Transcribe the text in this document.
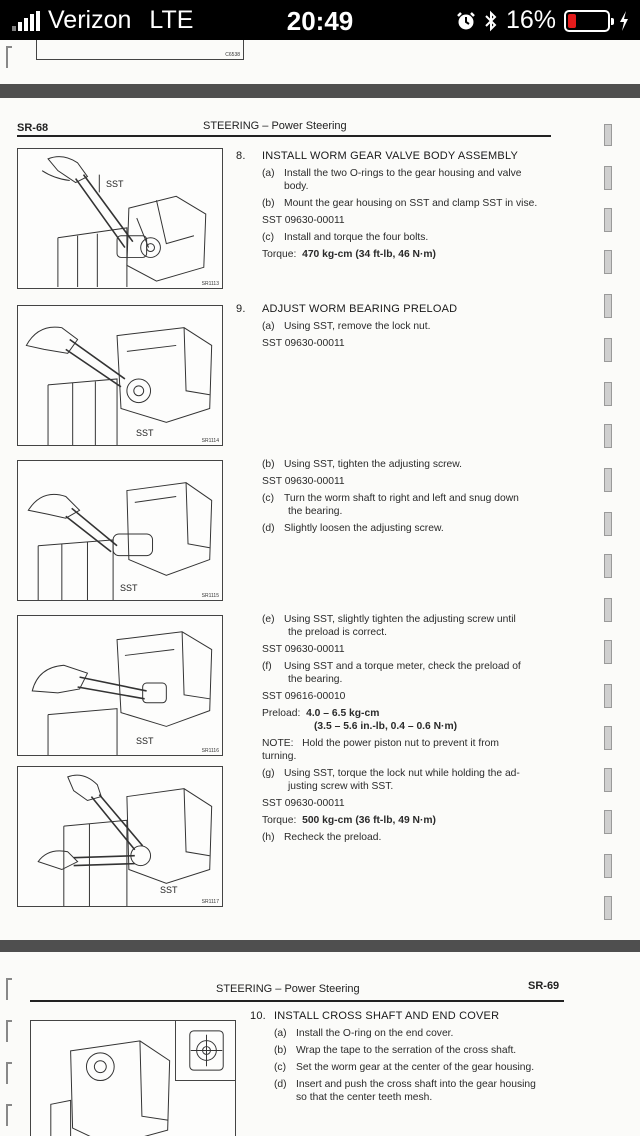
Verizon LTE	20:49	16%
C6538
SR-68	STEERING – Power Steering
SST
SR1113
SST
SR1114
SST
SR1115
SST
SR1116
SST
SR1117
8. INSTALL WORM GEAR VALVE BODY ASSEMBLY
(a) Install the two O-rings to the gear housing and valve
body.
(b) Mount the gear housing on SST and clamp SST in vise.
SST 09630-00011
(c) Install and torque the four bolts.
Torque: 470 kg-cm (34 ft-lb, 46 N·m)
9. ADJUST WORM BEARING PRELOAD
(a) Using SST, remove the lock nut.
SST 09630-00011
(b) Using SST, tighten the adjusting screw.
SST 09630-00011
(c) Turn the worm shaft to right and left and snug down
the bearing.
(d) Slightly loosen the adjusting screw.
(e) Using SST, slightly tighten the adjusting screw until
the preload is correct.
SST 09630-00011
(f)	Using SST and a torque meter, check the preload of
the bearing.
SST 09616-00010
Preload: 4.0 – 6.5 kg-cm
(3.5 – 5.6 in.-lb, 0.4 – 0.6 N·m)
NOTE: Hold the power piston nut to prevent it from
turning.
(g) Using SST, torque the lock nut while holding the ad-
justing screw with SST.
SST 09630-00011
Torque: 500 kg-cm (36 ft-lb, 49 N·m)
(h) Recheck the preload.
STEERING – Power Steering	SR-69
10. INSTALL CROSS SHAFT AND END COVER
(a) Install the O-ring on the end cover.
(b) Wrap the tape to the serration of the cross shaft.
(c) Set the worm gear at the center of the gear housing.
(d) Insert and push the cross shaft into the gear housing
so that the center teeth mesh.
